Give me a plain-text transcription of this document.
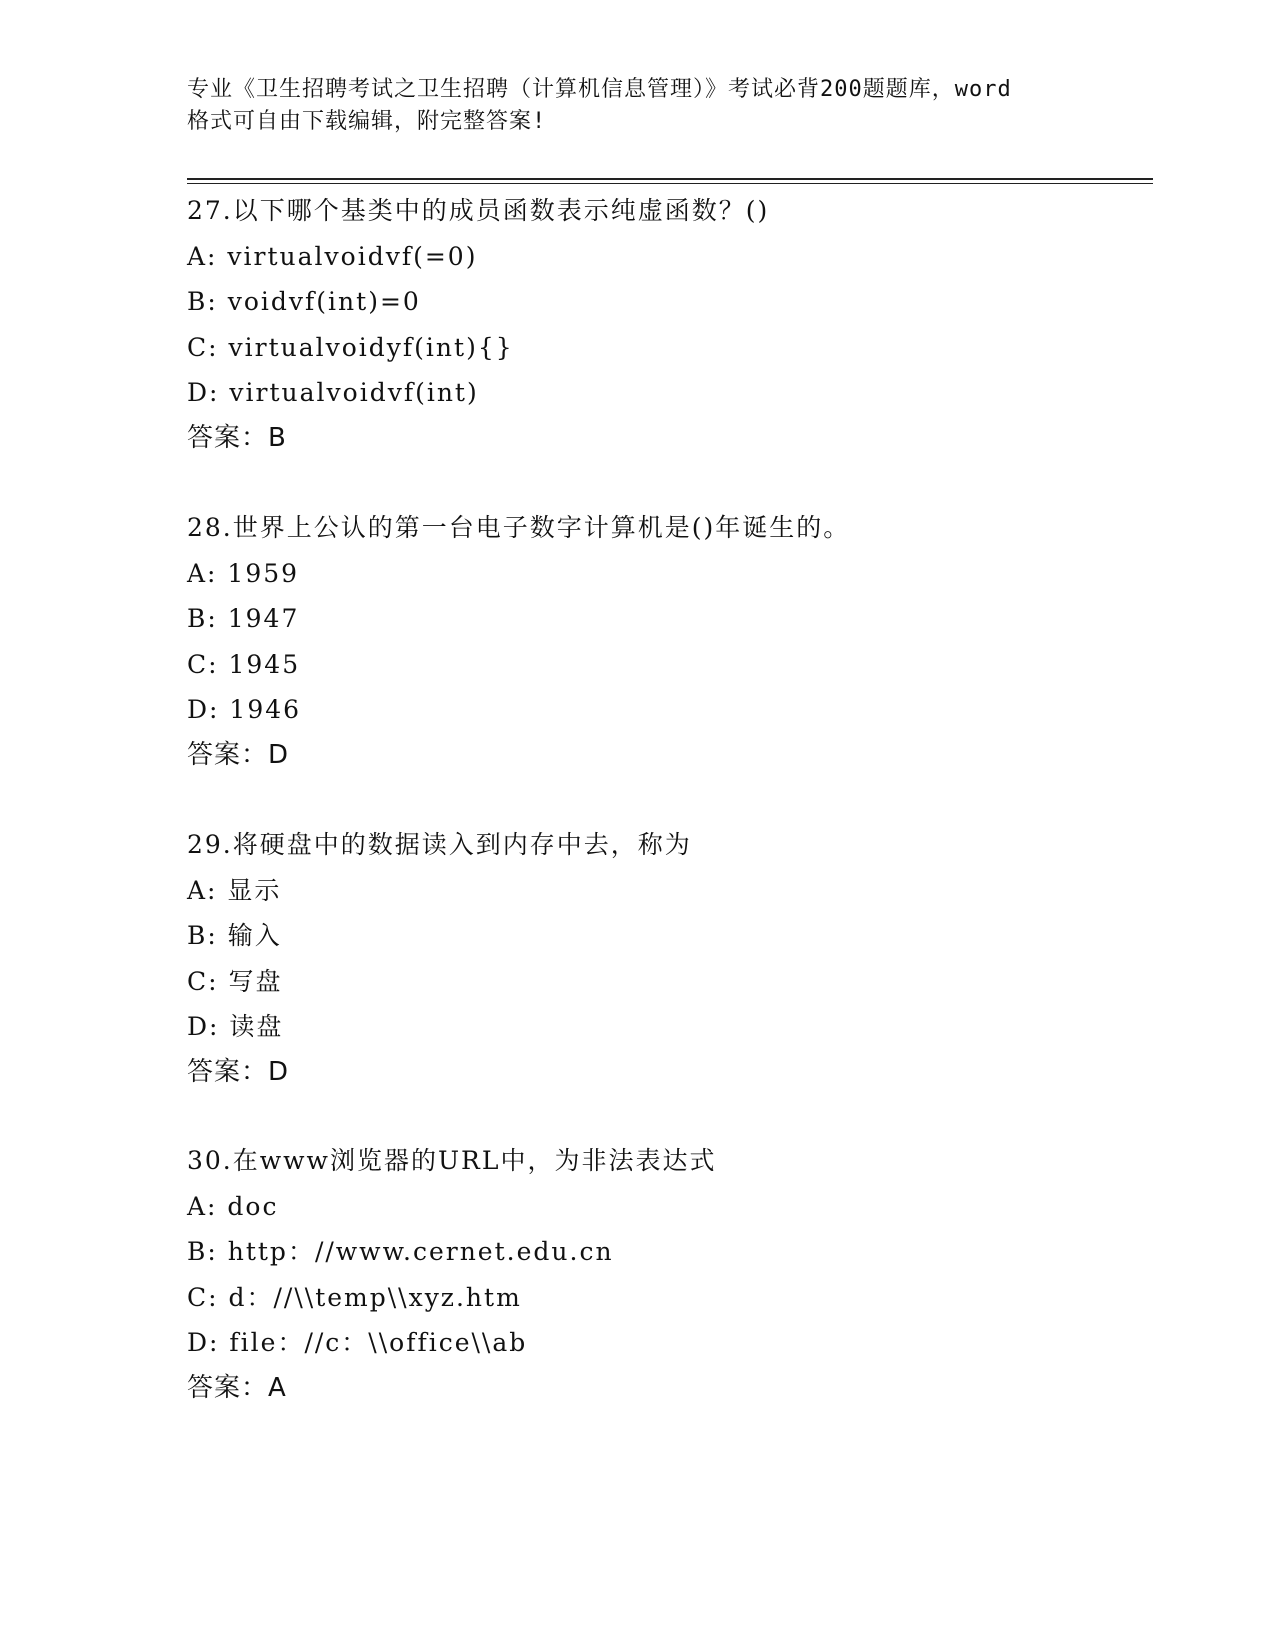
专业《卫生招聘考试之卫生招聘（计算机信息管理）》考试必背200题题库，word
格式可自由下载编辑，附完整答案!
27.以下哪个基类中的成员函数表示纯虚函数？()
A: virtualvoidvf(=0)
B: voidvf(int)=0
C: virtualvoidyf(int){}
D: virtualvoidvf(int)
答案：B
28.世界上公认的第一台电子数字计算机是()年诞生的。
A: 1959
B: 1947
C: 1945
D: 1946
答案：D
29.将硬盘中的数据读入到内存中去，称为
A: 显示
B: 输入
C: 写盘
D: 读盘
答案：D
30.在www浏览器的URL中，为非法表达式
A: doc
B: http：//www.cernet.edu.cn
C: d：//\\temp\\xyz.htm
D: file：//c：\\office\\ab
答案：A
